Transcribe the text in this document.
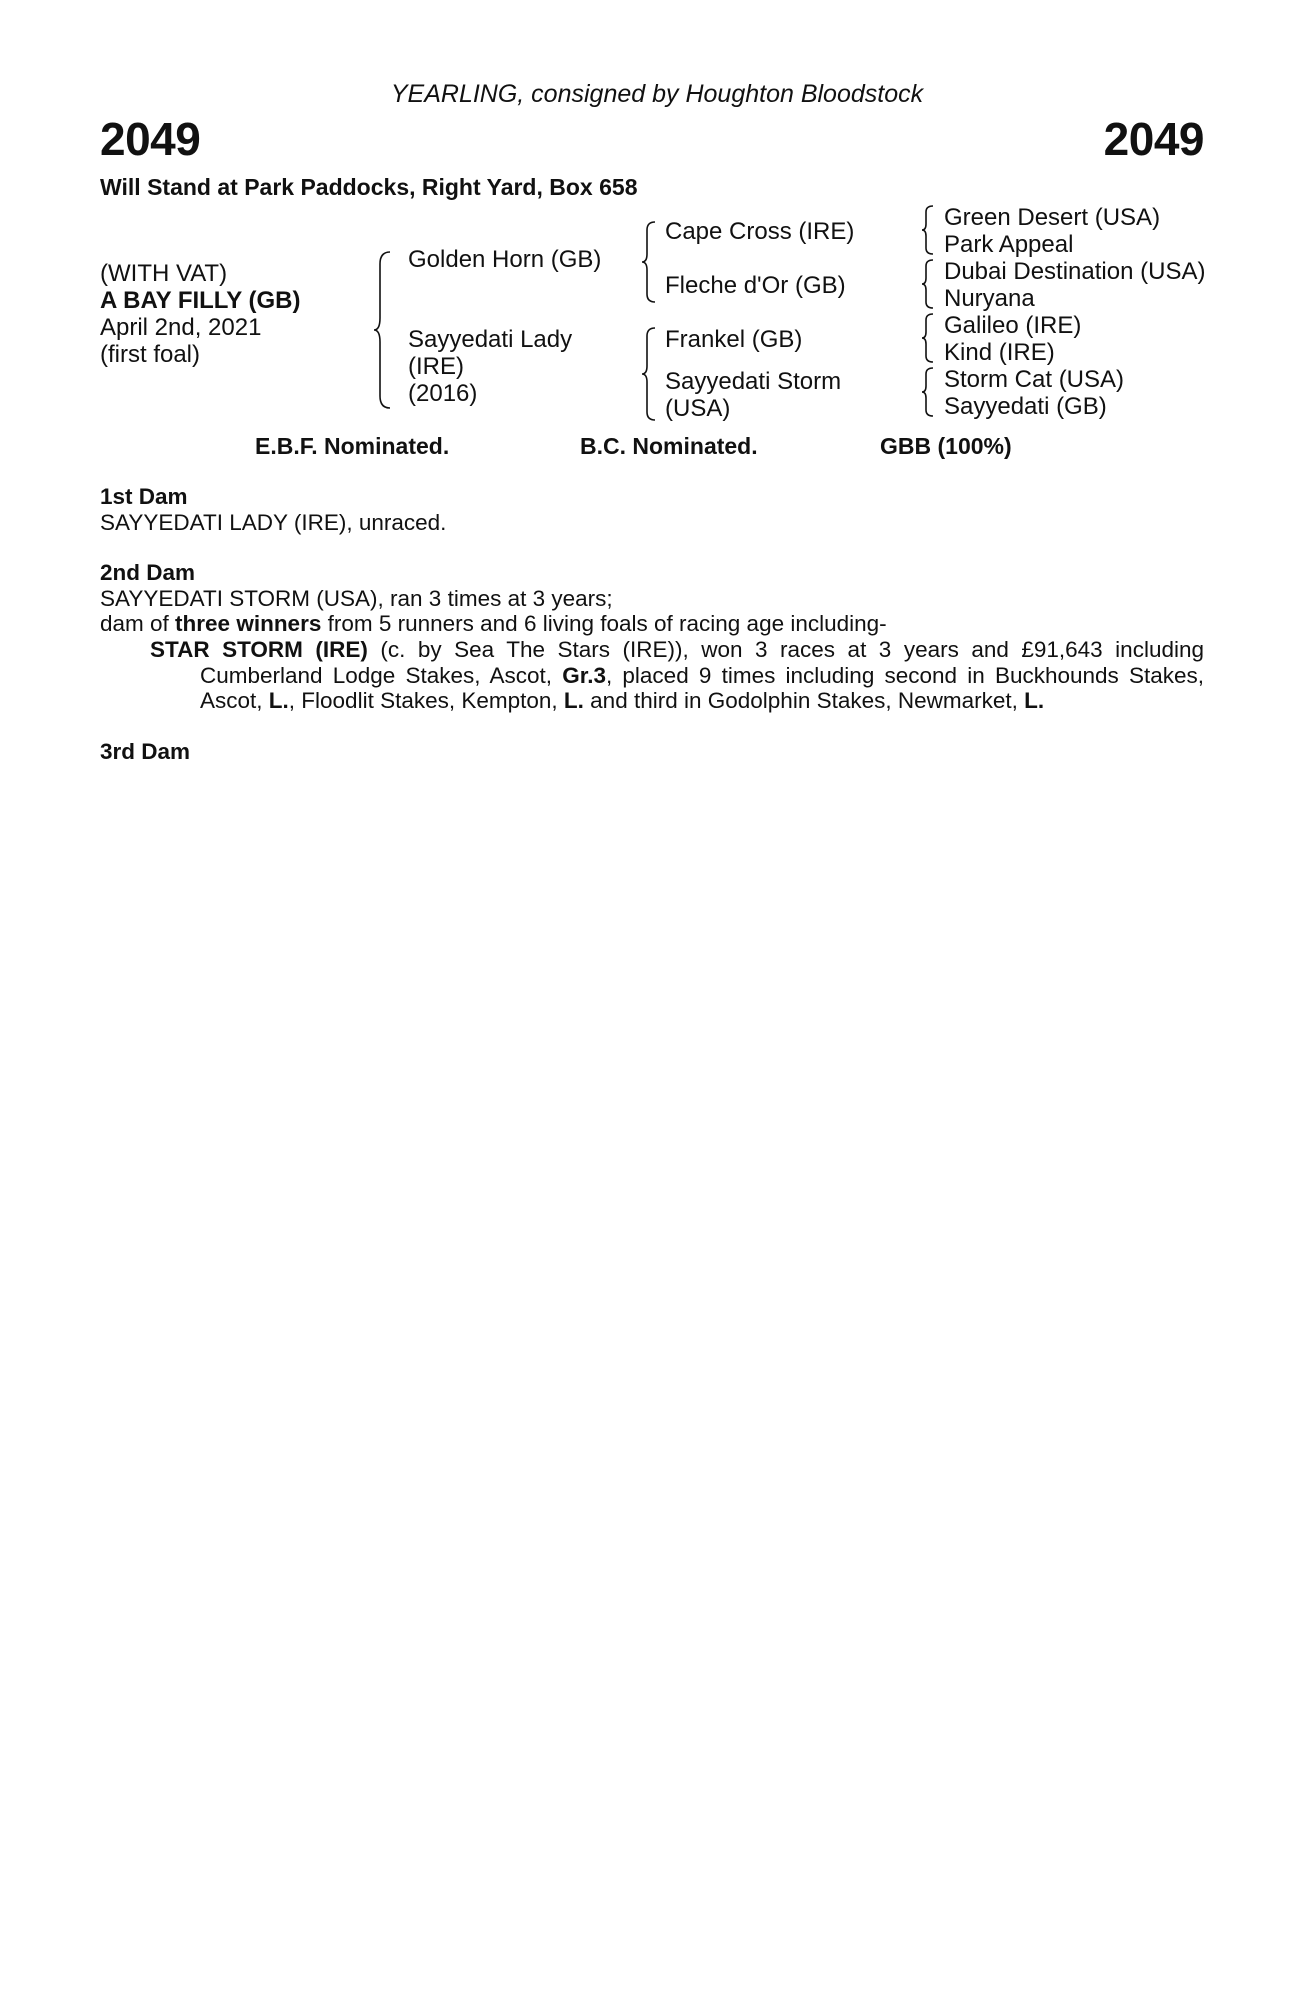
YEARLING, consigned by Houghton Bloodstock
2049	2049
Will Stand at Park Paddocks, Right Yard, Box 658
(WITH VAT)
A BAY FILLY (GB)
April 2nd, 2021
(first foal)
Golden Horn (GB)
Sayyedati Lady
(IRE)
(2016)
Cape Cross (IRE)
Fleche d'Or (GB)
Frankel (GB)
Sayyedati Storm
(USA)
Green Desert (USA)
Park Appeal
Dubai Destination (USA)
Nuryana
Galileo (IRE)
Kind (IRE)
Storm Cat (USA)
Sayyedati (GB)
E.B.F. Nominated.	B.C. Nominated.	GBB (100%)
1st Dam
SAYYEDATI LADY (IRE), unraced.
2nd Dam
SAYYEDATI STORM (USA), ran 3 times at 3 years;
dam of three winners from 5 runners and 6 living foals of racing age including-
STAR STORM (IRE) (c. by Sea The Stars (IRE)), won 3 races at 3 years and £91,643 including Cumberland Lodge Stakes, Ascot, Gr.3, placed 9 times including second in Buckhounds Stakes, Ascot, L., Floodlit Stakes, Kempton, L. and third in Godolphin Stakes, Newmarket, L.
3rd Dam
